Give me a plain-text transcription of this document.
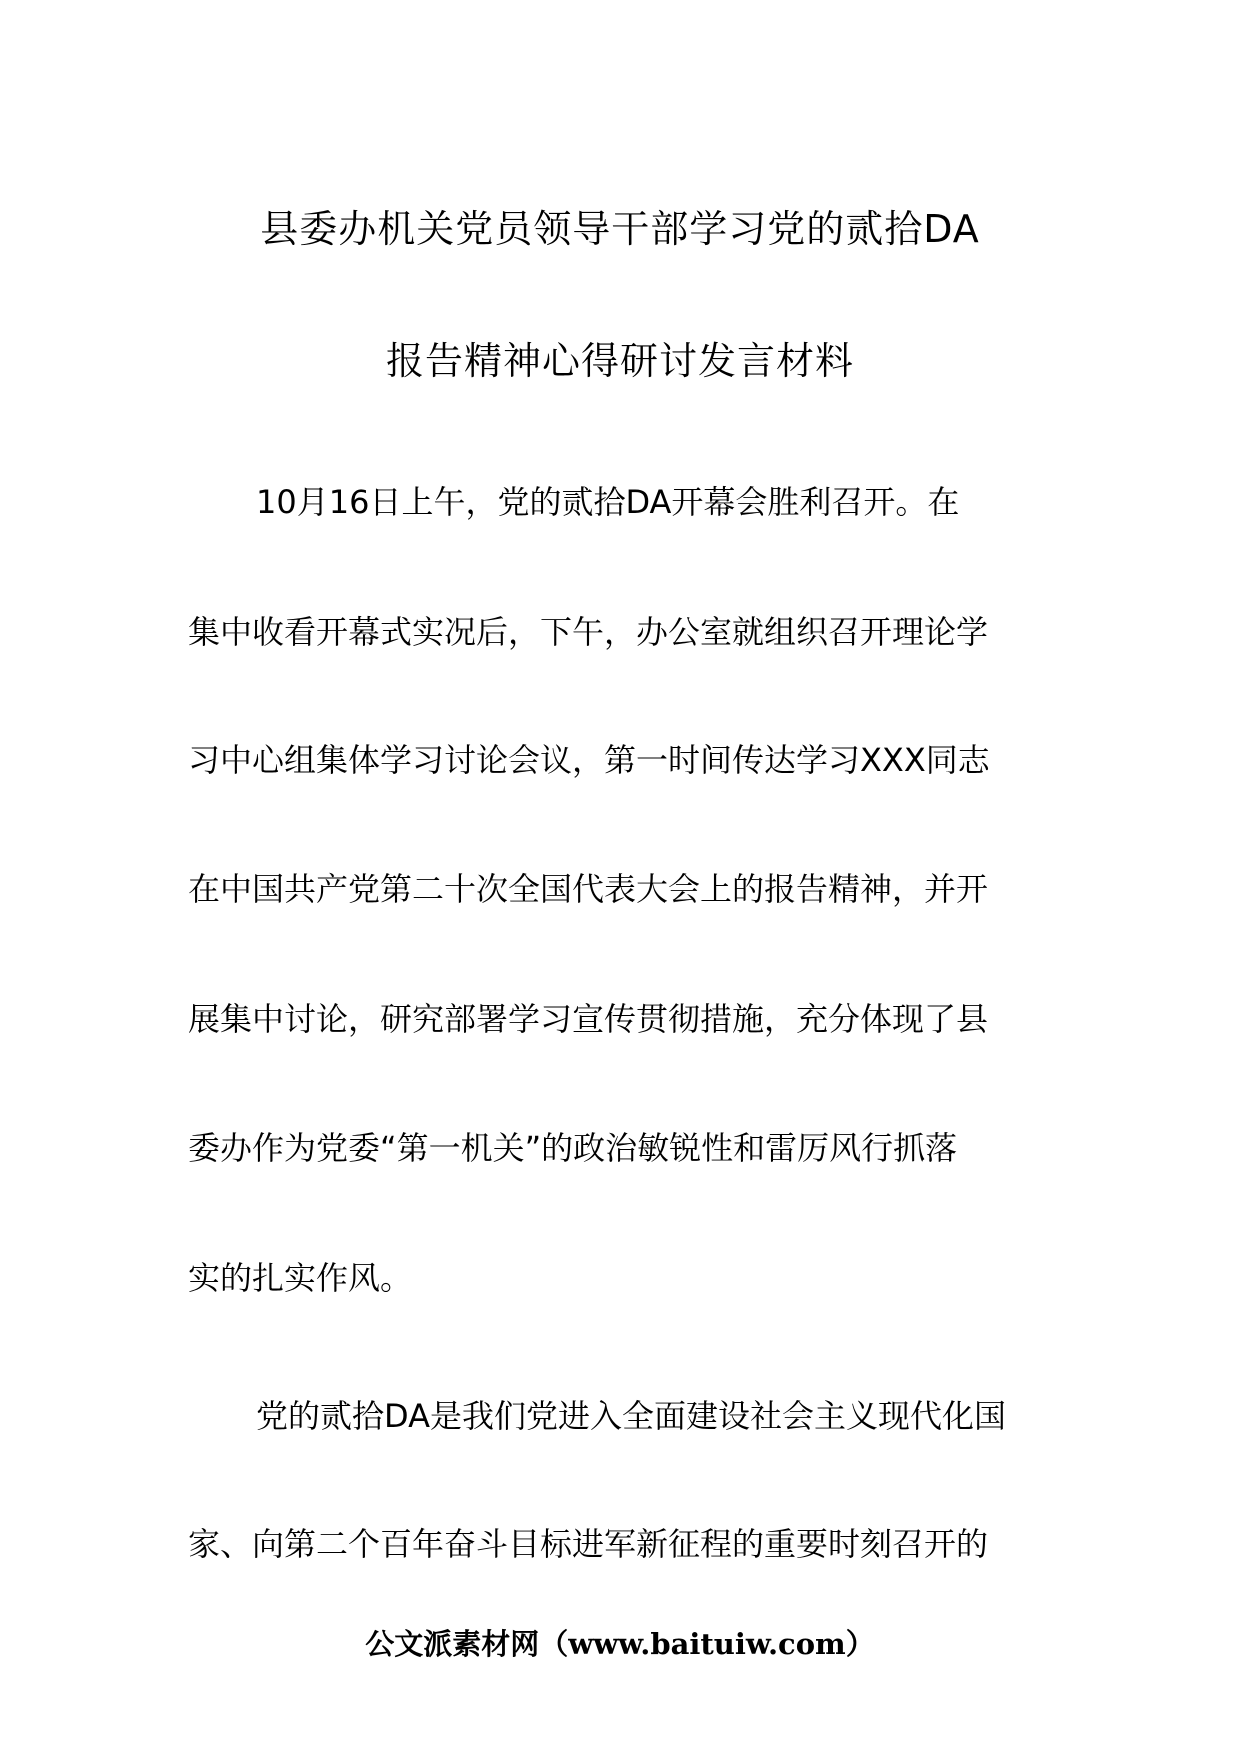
县委办机关党员领导干部学习党的贰拾DA
报告精神心得研讨发言材料
10月16日上午，党的贰拾DA开幕会胜利召开。在
集中收看开幕式实况后，下午，办公室就组织召开理论学
习中心组集体学习讨论会议，第一时间传达学习XXX同志
在中国共产党第二十次全国代表大会上的报告精神，并开
展集中讨论，研究部署学习宣传贯彻措施，充分体现了县
委办作为党委“第一机关”的政治敏锐性和雷厉风行抓落
实的扎实作风。
党的贰拾DA是我们党进入全面建设社会主义现代化国
家、向第二个百年奋斗目标进军新征程的重要时刻召开的
公文派素材网（www.baituiw.com）
